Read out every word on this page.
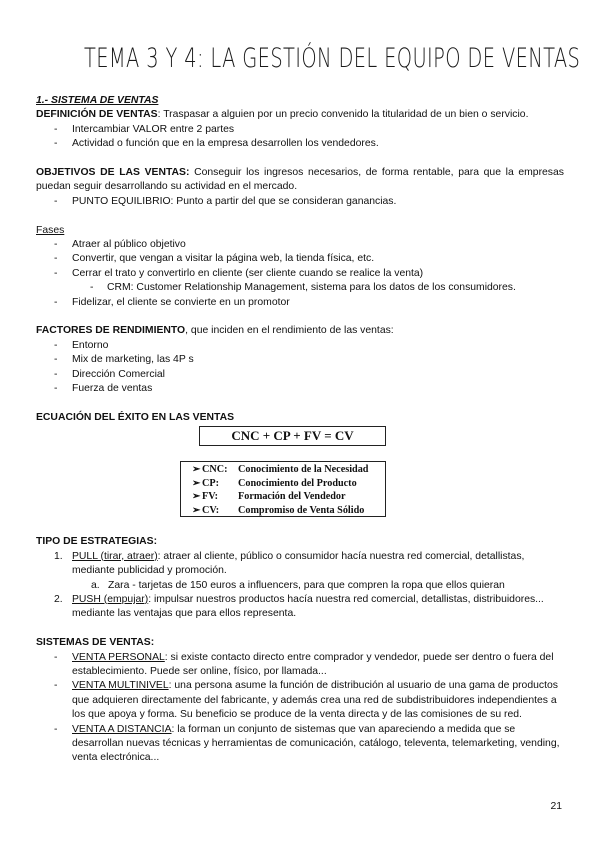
TEMA 3 Y 4: LA GESTIÓN DEL EQUIPO DE VENTAS

1.- SISTEMA DE VENTAS

DEFINICIÓN DE VENTAS: Traspasar a alguien por un precio convenido la titularidad de un bien o servicio.

- Intercambiar VALOR entre 2 partes
- Actividad o función que en la empresa desarrollen los vendedores.

OBJETIVOS DE LAS VENTAS: Conseguir los ingresos necesarios, de forma rentable, para que la empresas puedan seguir desarrollando su actividad en el mercado.

- PUNTO EQUILIBRIO: Punto a partir del que se consideran ganancias.

Fases

- Atraer al público objetivo
- Convertir, que vengan a visitar la página web, la tienda física, etc.
- Cerrar el trato y convertirlo en cliente (ser cliente cuando se realice la venta)
- CRM: Customer Relationship Management, sistema para los datos de los consumidores.
- Fidelizar, el cliente se convierte en un promotor

FACTORES DE RENDIMIENTO, que inciden en el rendimiento de las ventas:

- Entorno
- Mix de marketing, las 4P s
- Dirección Comercial
- Fuerza de ventas

ECUACIÓN DEL ÉXITO EN LAS VENTAS

CNC + CP + FV = CV
➢CNC: Conocimiento de la Necesidad
➢CP: Conocimiento del Producto
➢FV: Formación del Vendedor
➢CV: Compromiso de Venta Sólido

TIPO DE ESTRATEGIAS:

1. PULL (tirar, atraer): atraer al cliente, público o consumidor hacía nuestra red comercial, detallistas, mediante publicidad y promoción.
a. Zara - tarjetas de 150 euros a influencers, para que compren la ropa que ellos quieran
2. PUSH (empujar): impulsar nuestros productos hacía nuestra red comercial, detallistas, distribuidores... mediante las ventajas que para ellos representa.

SISTEMAS DE VENTAS:

- VENTA PERSONAL: si existe contacto directo entre comprador y vendedor, puede ser dentro o fuera del establecimiento. Puede ser online, físico, por llamada...
- VENTA MULTINIVEL: una persona asume la función de distribución al usuario de una gama de productos que adquieren directamente del fabricante, y además crea una red de subdistribuidores independientes a los que apoya y forma. Su beneficio se produce de la venta directa y de las comisiones de su red.
- VENTA A DISTANCIA: la forman un conjunto de sistemas que van apareciendo a medida que se desarrollan nuevas técnicas y herramientas de comunicación, catálogo, televenta, telemarketing, vending, venta electrónica...
21
